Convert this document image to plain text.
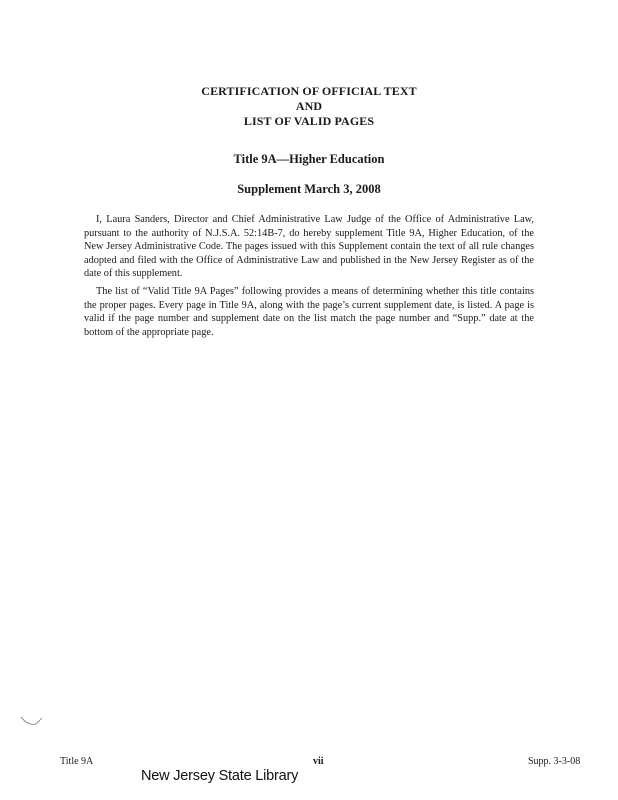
CERTIFICATION OF OFFICIAL TEXT
AND
LIST OF VALID PAGES
Title 9A—Higher Education
Supplement March 3, 2008

I, Laura Sanders, Director and Chief Administrative Law Judge of the Office of Administrative Law, pursuant to the authority of N.J.S.A. 52:14B-7, do hereby supplement Title 9A, Higher Education, of the New Jersey Administrative Code. The pages issued with this Supplement contain the text of all rule changes adopted and filed with the Office of Administrative Law and published in the New Jersey Register as of the date of this supplement.

The list of “Valid Title 9A Pages” following provides a means of determining whether this title contains the proper pages. Every page in Title 9A, along with the page’s current supplement date, is listed. A page is valid if the page number and supplement date on the list match the page number and “Supp.” date at the bottom of the appropriate page.

Title 9A	vii	Supp. 3-3-08
New Jersey State Library
